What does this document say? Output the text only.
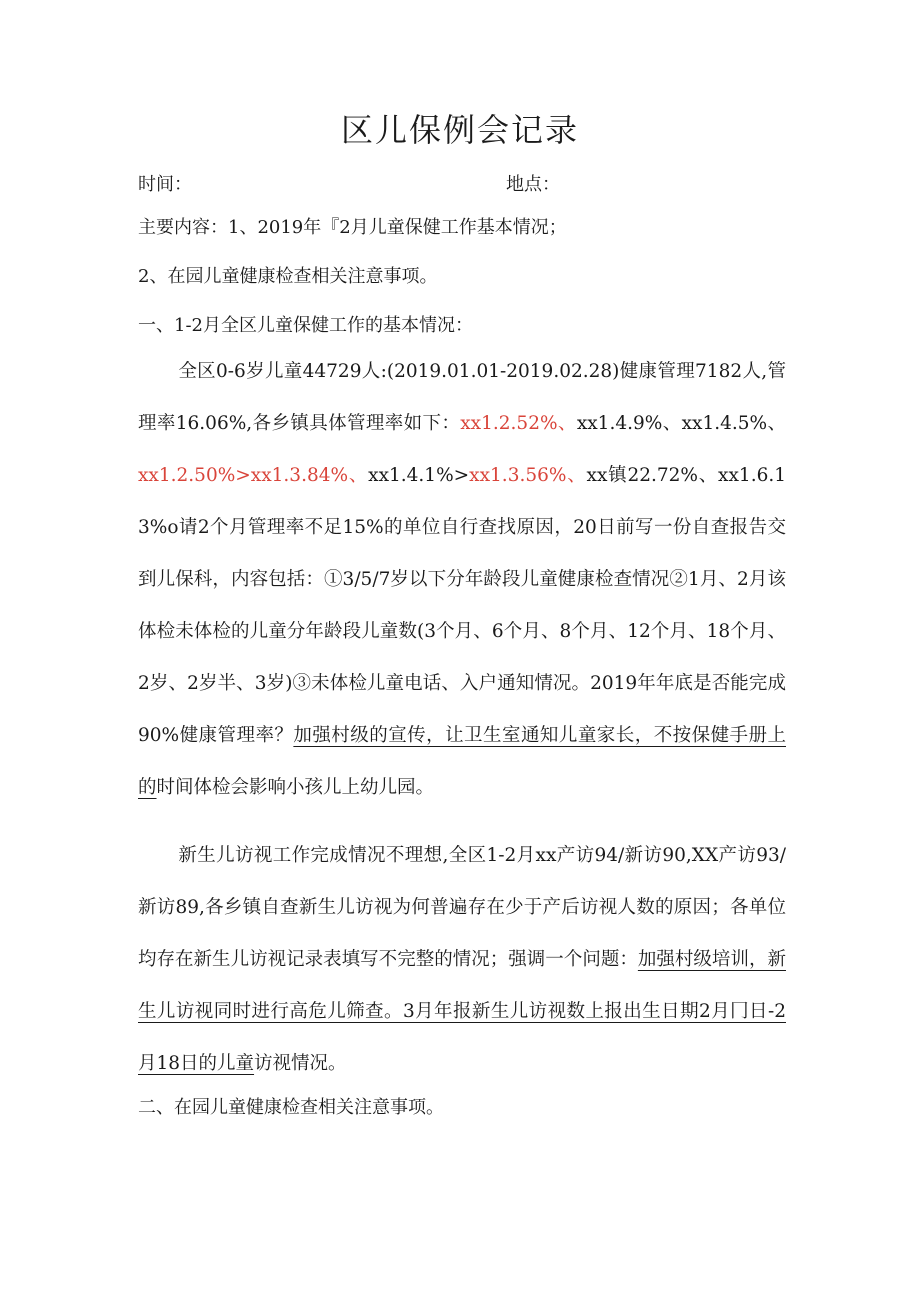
区儿保例会记录
时间：	地点：
主要内容：1、2019年『2月儿童保健工作基本情况；
2、在园儿童健康检查相关注意事项。
一、1-2月全区儿童保健工作的基本情况：
全区0-6岁儿童44729人:(2019.01.01-2019.02.28)健康管理7182人,管理率16.06%,各乡镇具体管理率如下：xx1.2.52%、xx1.4.9%、xx1.4.5%、xx1.2.50%>xx1.3.84%、xx1.4.1%>xx1.3.56%、xx镇22.72%、xx1.6.13%o请2个月管理率不足15%的单位自行查找原因，20日前写一份自查报告交到儿保科，内容包括：①3/5/7岁以下分年龄段儿童健康检查情况②1月、2月该体检未体检的儿童分年龄段儿童数(3个月、6个月、8个月、12个月、18个月、2岁、2岁半、3岁)③未体检儿童电话、入户通知情况。2019年年底是否能完成90%健康管理率？加强村级的宣传，让卫生室通知儿童家长，不按保健手册上的时间体检会影响小孩儿上幼儿园。
新生儿访视工作完成情况不理想,全区1-2月xx产访94/新访90,XX产访93/新访89,各乡镇自查新生儿访视为何普遍存在少于产后访视人数的原因；各单位均存在新生儿访视记录表填写不完整的情况；强调一个问题：加强村级培训，新生儿访视同时进行高危儿筛查。3月年报新生儿访视数上报出生日期2月冂日-2月18日的儿童访视情况。
二、在园儿童健康检查相关注意事项。
